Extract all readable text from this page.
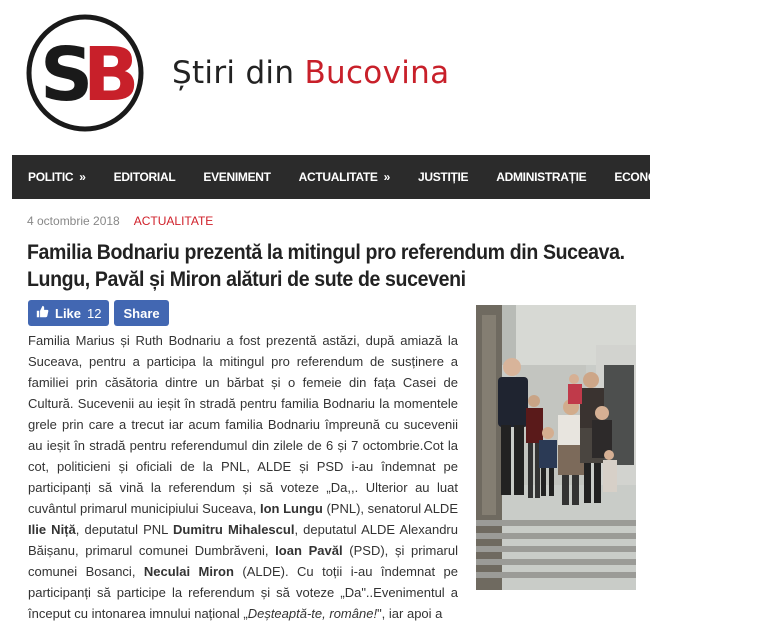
S
B Știri din Bucovina
POLITIC » EDITORIAL EVENIMENT ACTUALITATE » JUSTIȚIE ADMINISTRAȚIE ECONOMIC CULTURĂ
4 octombrie 2018 ACTUALITATE
Familia Bodnariu prezentă la mitingul pro referendum din Suceava.
Lungu, Pavăl și Miron alături de sute de suceveni
Like 12	Share

Familia Marius și Ruth Bodnariu a fost prezentă astăzi, după amiază la Suceava, pentru a participa la mitingul pro referendum de susținere a familiei prin căsătoria dintre un bărbat și o femeie din fața Casei de Cultură. Sucevenii au ieșit în stradă pentru familia Bodnariu la momentele grele prin care a trecut iar acum familia Bodnariu împreună cu sucevenii au ieșit în stradă pentru referendumul din zilele de 6 și 7 octombrie.Cot la cot, politicieni și oficiali de la PNL, ALDE și PSD i-au îndemnat pe participanți să vină la referendum și să voteze „Da,,. Ulterior au luat cuvântul primarul municipiului Suceava, Ion Lungu (PNL), senatorul ALDE Ilie Niță, deputatul PNL Dumitru Mihalescul, deputatul ALDE Alexandru Băișanu, primarul comunei Dumbrăveni, Ioan Pavăl (PSD), și primarul comunei Bosanci, Neculai Miron (ALDE). Cu toții i-au îndemnat pe participanți să participe la referendum și să voteze „Da"..Evenimentul a început cu intonarea imnului național „Deșteaptă-te, române!", iar apoi a
